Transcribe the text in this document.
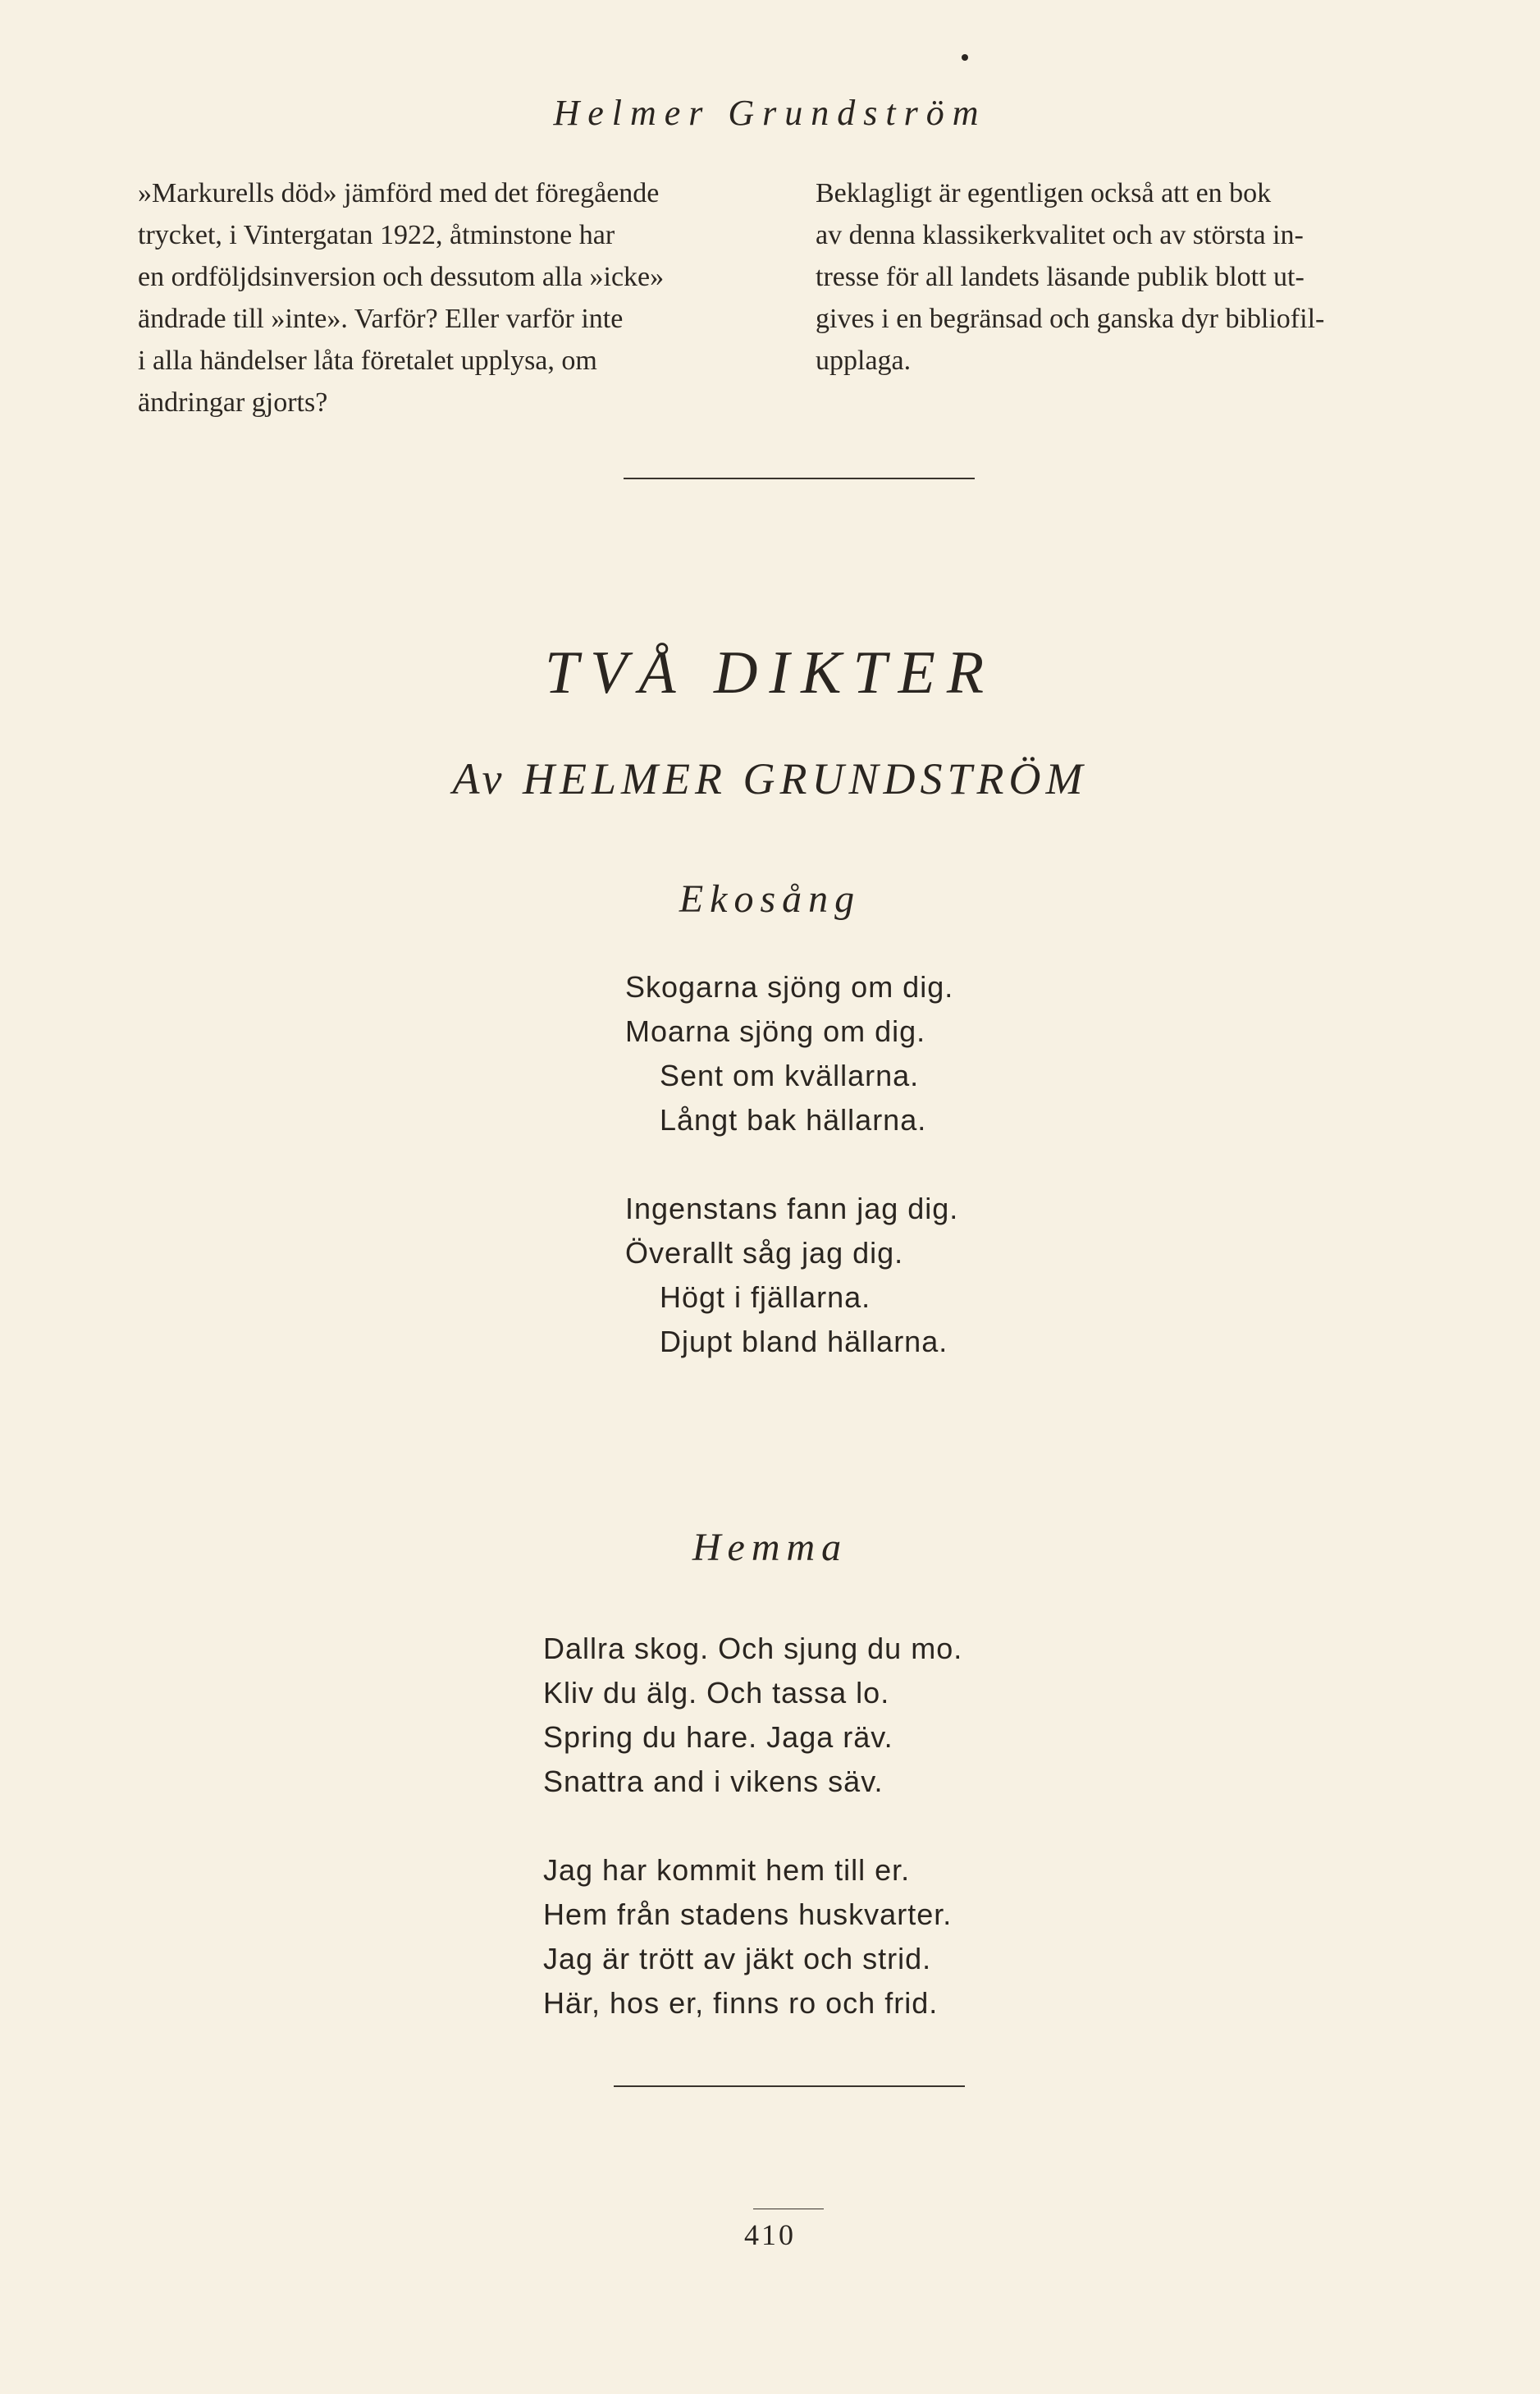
Helmer Grundström

»Markurells död» jämförd med det föregående

trycket, i Vintergatan 1922, åtminstone har

en ordföljdsinversion och dessutom alla »icke»

ändrade till »inte». Varför? Eller varför inte

i alla händelser låta företalet upplysa, om

ändringar gjorts?

Beklagligt är egentligen också att en bok

av denna klassikerkvalitet och av största in-

tresse för all landets läsande publik blott ut-

gives i en begränsad och ganska dyr bibliofil-

upplaga.

TVÅ DIKTER
Av HELMER GRUNDSTRÖM
Ekosång
Skogarna sjöng om dig.
Moarna sjöng om dig.
Sent om kvällarna.
Långt bak hällarna.
Ingenstans fann jag dig.
Överallt såg jag dig.
Högt i fjällarna.
Djupt bland hällarna.
Hemma
Dallra skog. Och sjung du mo.
Kliv du älg. Och tassa lo.
Spring du hare. Jaga räv.
Snattra and i vikens säv.
Jag har kommit hem till er.
Hem från stadens huskvarter.
Jag är trött av jäkt och strid.
Här, hos er, finns ro och frid.
410
